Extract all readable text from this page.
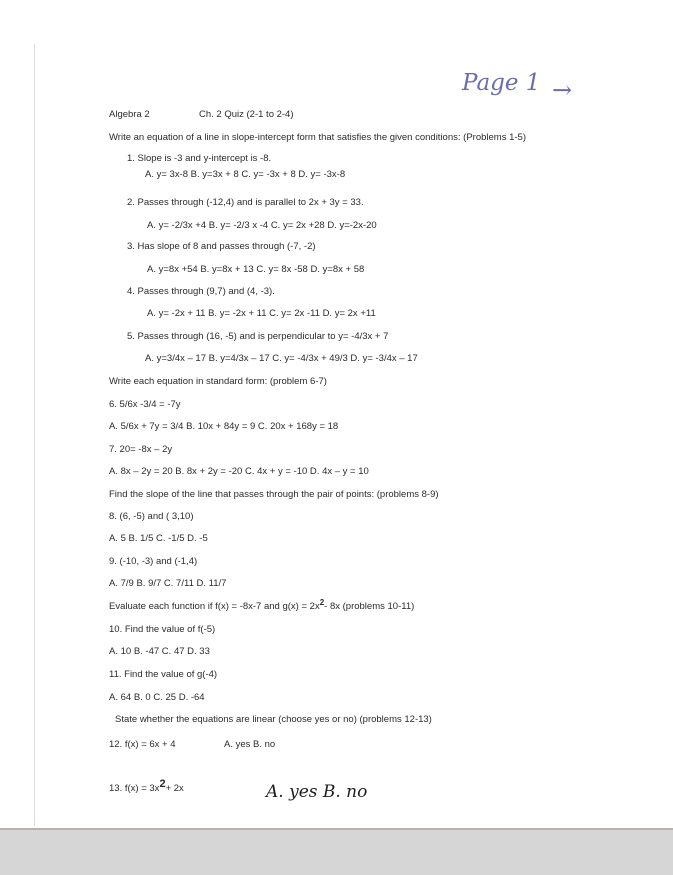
Page 1 →
Algebra 2	Ch. 2 Quiz (2-1 to 2-4)
Write an equation of a line in slope-intercept form that satisfies the given conditions: (Problems 1-5)
1. Slope is -3 and y-intercept is -8.
A. y= 3x-8 B. y=3x + 8 C. y= -3x + 8 D. y= -3x-8
2. Passes through (-12,4) and is parallel to 2x + 3y = 33.
A. y= -2/3x +4 B. y= -2/3 x -4 C. y= 2x +28 D. y=-2x-20
3. Has slope of 8 and passes through (-7, -2)
A. y=8x +54 B. y=8x + 13 C. y= 8x -58 D. y=8x + 58
4. Passes through (9,7) and (4, -3).
A. y= -2x + 11 B. y= -2x + 11 C. y= 2x -11 D. y= 2x +11
5. Passes through (16, -5) and is perpendicular to y= -4/3x + 7
A. y=3/4x – 17 B. y=4/3x – 17 C. y= -4/3x + 49/3 D. y= -3/4x – 17
Write each equation in standard form: (problem 6-7)
6. 5/6x -3/4 = -7y
A. 5/6x + 7y = 3/4 B. 10x + 84y = 9 C. 20x + 168y = 18
7. 20= -8x – 2y
A. 8x – 2y = 20 B. 8x + 2y = -20 C. 4x + y = -10 D. 4x – y = 10
Find the slope of the line that passes through the pair of points: (problems 8-9)
8. (6, -5) and ( 3,10)
A. 5 B. 1/5 C. -1/5 D. -5
9. (-10, -3) and (-1,4)
A. 7/9 B. 9/7 C. 7/11 D. 11/7
Evaluate each function if f(x) = -8x-7 and $g(x) = 2x^2-$ 8x (problems 10-11)
10. Find the value of f(-5)
A. 10 B. -47 C. 47 D. 33
11. Find the value of g(-4)
A. 64 B. 0 C. 25 D. -64
State whether the equations are linear (choose yes or no) (problems 12-13)
12. f(x) = 6x + 4	A. yes B. no
13. f(x) = 3x2+ 2x	A. yes B. no
